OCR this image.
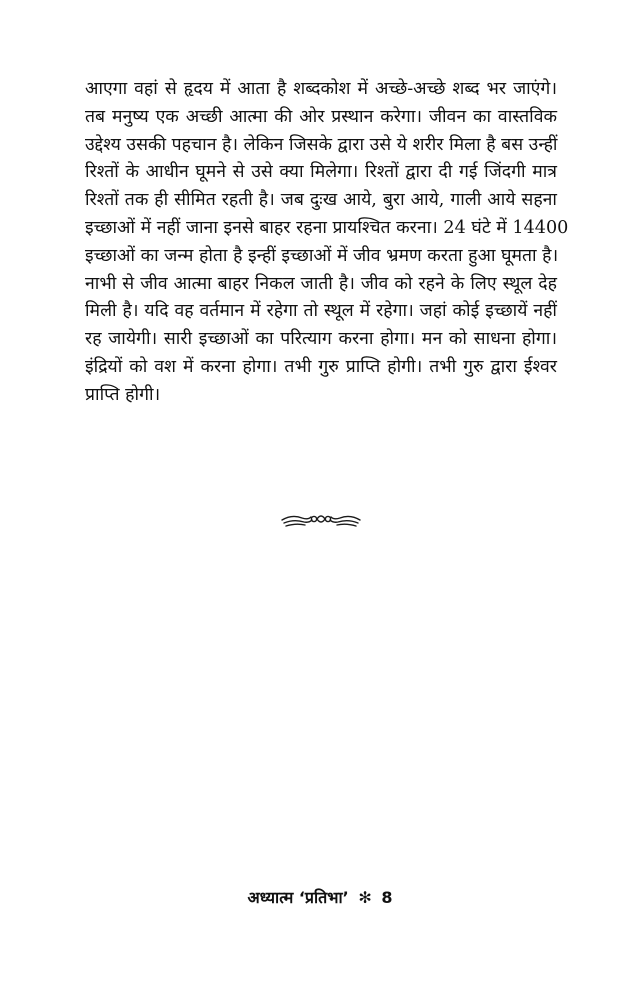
आएगा वहां से हृदय में आता है शब्दकोश में अच्छे-अच्छे शब्द भर जाएंगे।
तब मनुष्य एक अच्छी आत्मा की ओर प्रस्थान करेगा। जीवन का वास्तविक
उद्देश्य उसकी पहचान है। लेकिन जिसके द्वारा उसे ये शरीर मिला है बस उन्हीं
रिश्तों के आधीन घूमने से उसे क्या मिलेगा। रिश्तों द्वारा दी गई जिंदगी मात्र
रिश्तों तक ही सीमित रहती है। जब दुःख आये, बुरा आये, गाली आये सहना
इच्छाओं में नहीं जाना इनसे बाहर रहना प्रायश्चित करना। 24 घंटे में 14400
इच्छाओं का जन्म होता है इन्हीं इच्छाओं में जीव भ्रमण करता हुआ घूमता है।
नाभी से जीव आत्मा बाहर निकल जाती है। जीव को रहने के लिए स्थूल देह
मिली है। यदि वह वर्तमान में रहेगा तो स्थूल में रहेगा। जहां कोई इच्छायें नहीं
रह जायेगी। सारी इच्छाओं का परित्याग करना होगा। मन को साधना होगा।
इंद्रियों को वश में करना होगा। तभी गुरु प्राप्ति होगी। तभी गुरु द्वारा ईश्वर
प्राप्ति होगी।
अध्यात्म ‘प्रतिभा’ ✻ 8
